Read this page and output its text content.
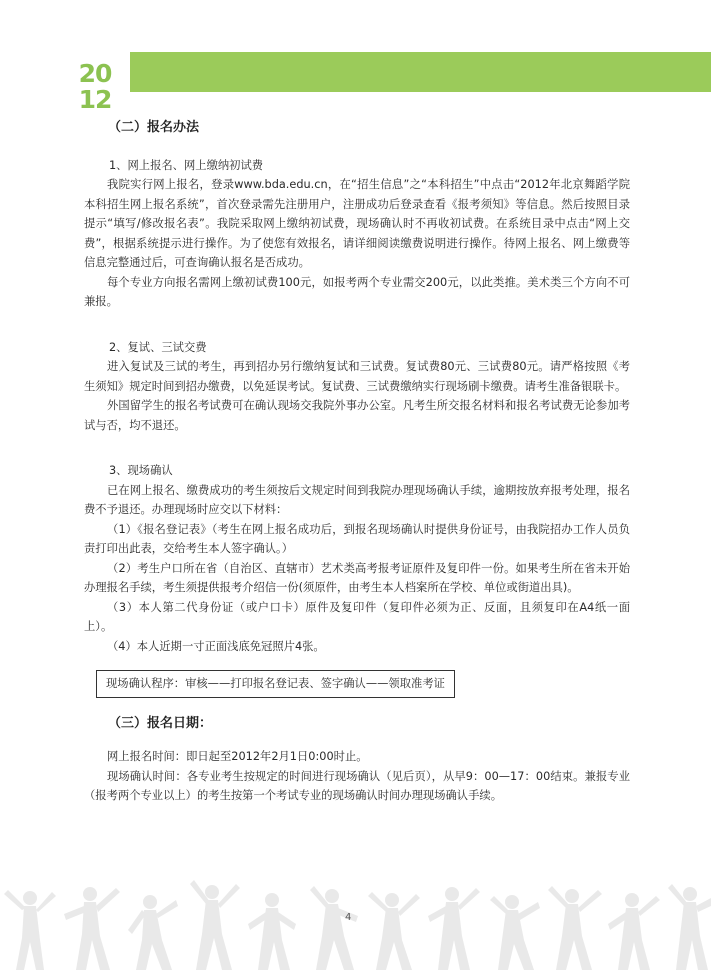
20
12
（二）报名办法
1、网上报名、网上缴纳初试费

我院实行网上报名，登录www.bda.edu.cn，在“招生信息”之“本科招生”中点击“2012年北京舞蹈学院本科招生网上报名系统”，首次登录需先注册用户，注册成功后登录查看《报考须知》等信息。然后按照目录提示“填写/修改报名表”。我院采取网上缴纳初试费，现场确认时不再收初试费。在系统目录中点击“网上交费”，根据系统提示进行操作。为了使您有效报名，请详细阅读缴费说明进行操作。待网上报名、网上缴费等信息完整通过后，可查询确认报名是否成功。

每个专业方向报名需网上缴初试费100元，如报考两个专业需交200元，以此类推。美术类三个方向不可兼报。

2、复试、三试交费

进入复试及三试的考生，再到招办另行缴纳复试和三试费。复试费80元、三试费80元。请严格按照《考生须知》规定时间到招办缴费，以免延误考试。复试费、三试费缴纳实行现场刷卡缴费。请考生准备银联卡。

外国留学生的报名考试费可在确认现场交我院外事办公室。凡考生所交报名材料和报名考试费无论参加考试与否，均不退还。

3、现场确认

已在网上报名、缴费成功的考生须按后文规定时间到我院办理现场确认手续，逾期按放弃报考处理，报名费不予退还。办理现场时应交以下材料：

（1）《报名登记表》（考生在网上报名成功后，到报名现场确认时提供身份证号，由我院招办工作人员负责打印出此表，交给考生本人签字确认。）

（2）考生户口所在省（自治区、直辖市）艺术类高考报考证原件及复印件一份。如果考生所在省未开始办理报名手续，考生须提供报考介绍信一份(须原件，由考生本人档案所在学校、单位或街道出具)。

（3）本人第二代身份证（或户口卡）原件及复印件（复印件必须为正、反面，且须复印在A4纸一面上）。

（4）本人近期一寸正面浅底免冠照片4张。

现场确认程序：审核——打印报名登记表、签字确认——领取准考证
（三）报名日期：

网上报名时间：即日起至2012年2月1日0:00时止。

现场确认时间：各专业考生按规定的时间进行现场确认（见后页），从早9：00—17：00结束。兼报专业（报考两个专业以上）的考生按第一个考试专业的现场确认时间办理现场确认手续。

4
